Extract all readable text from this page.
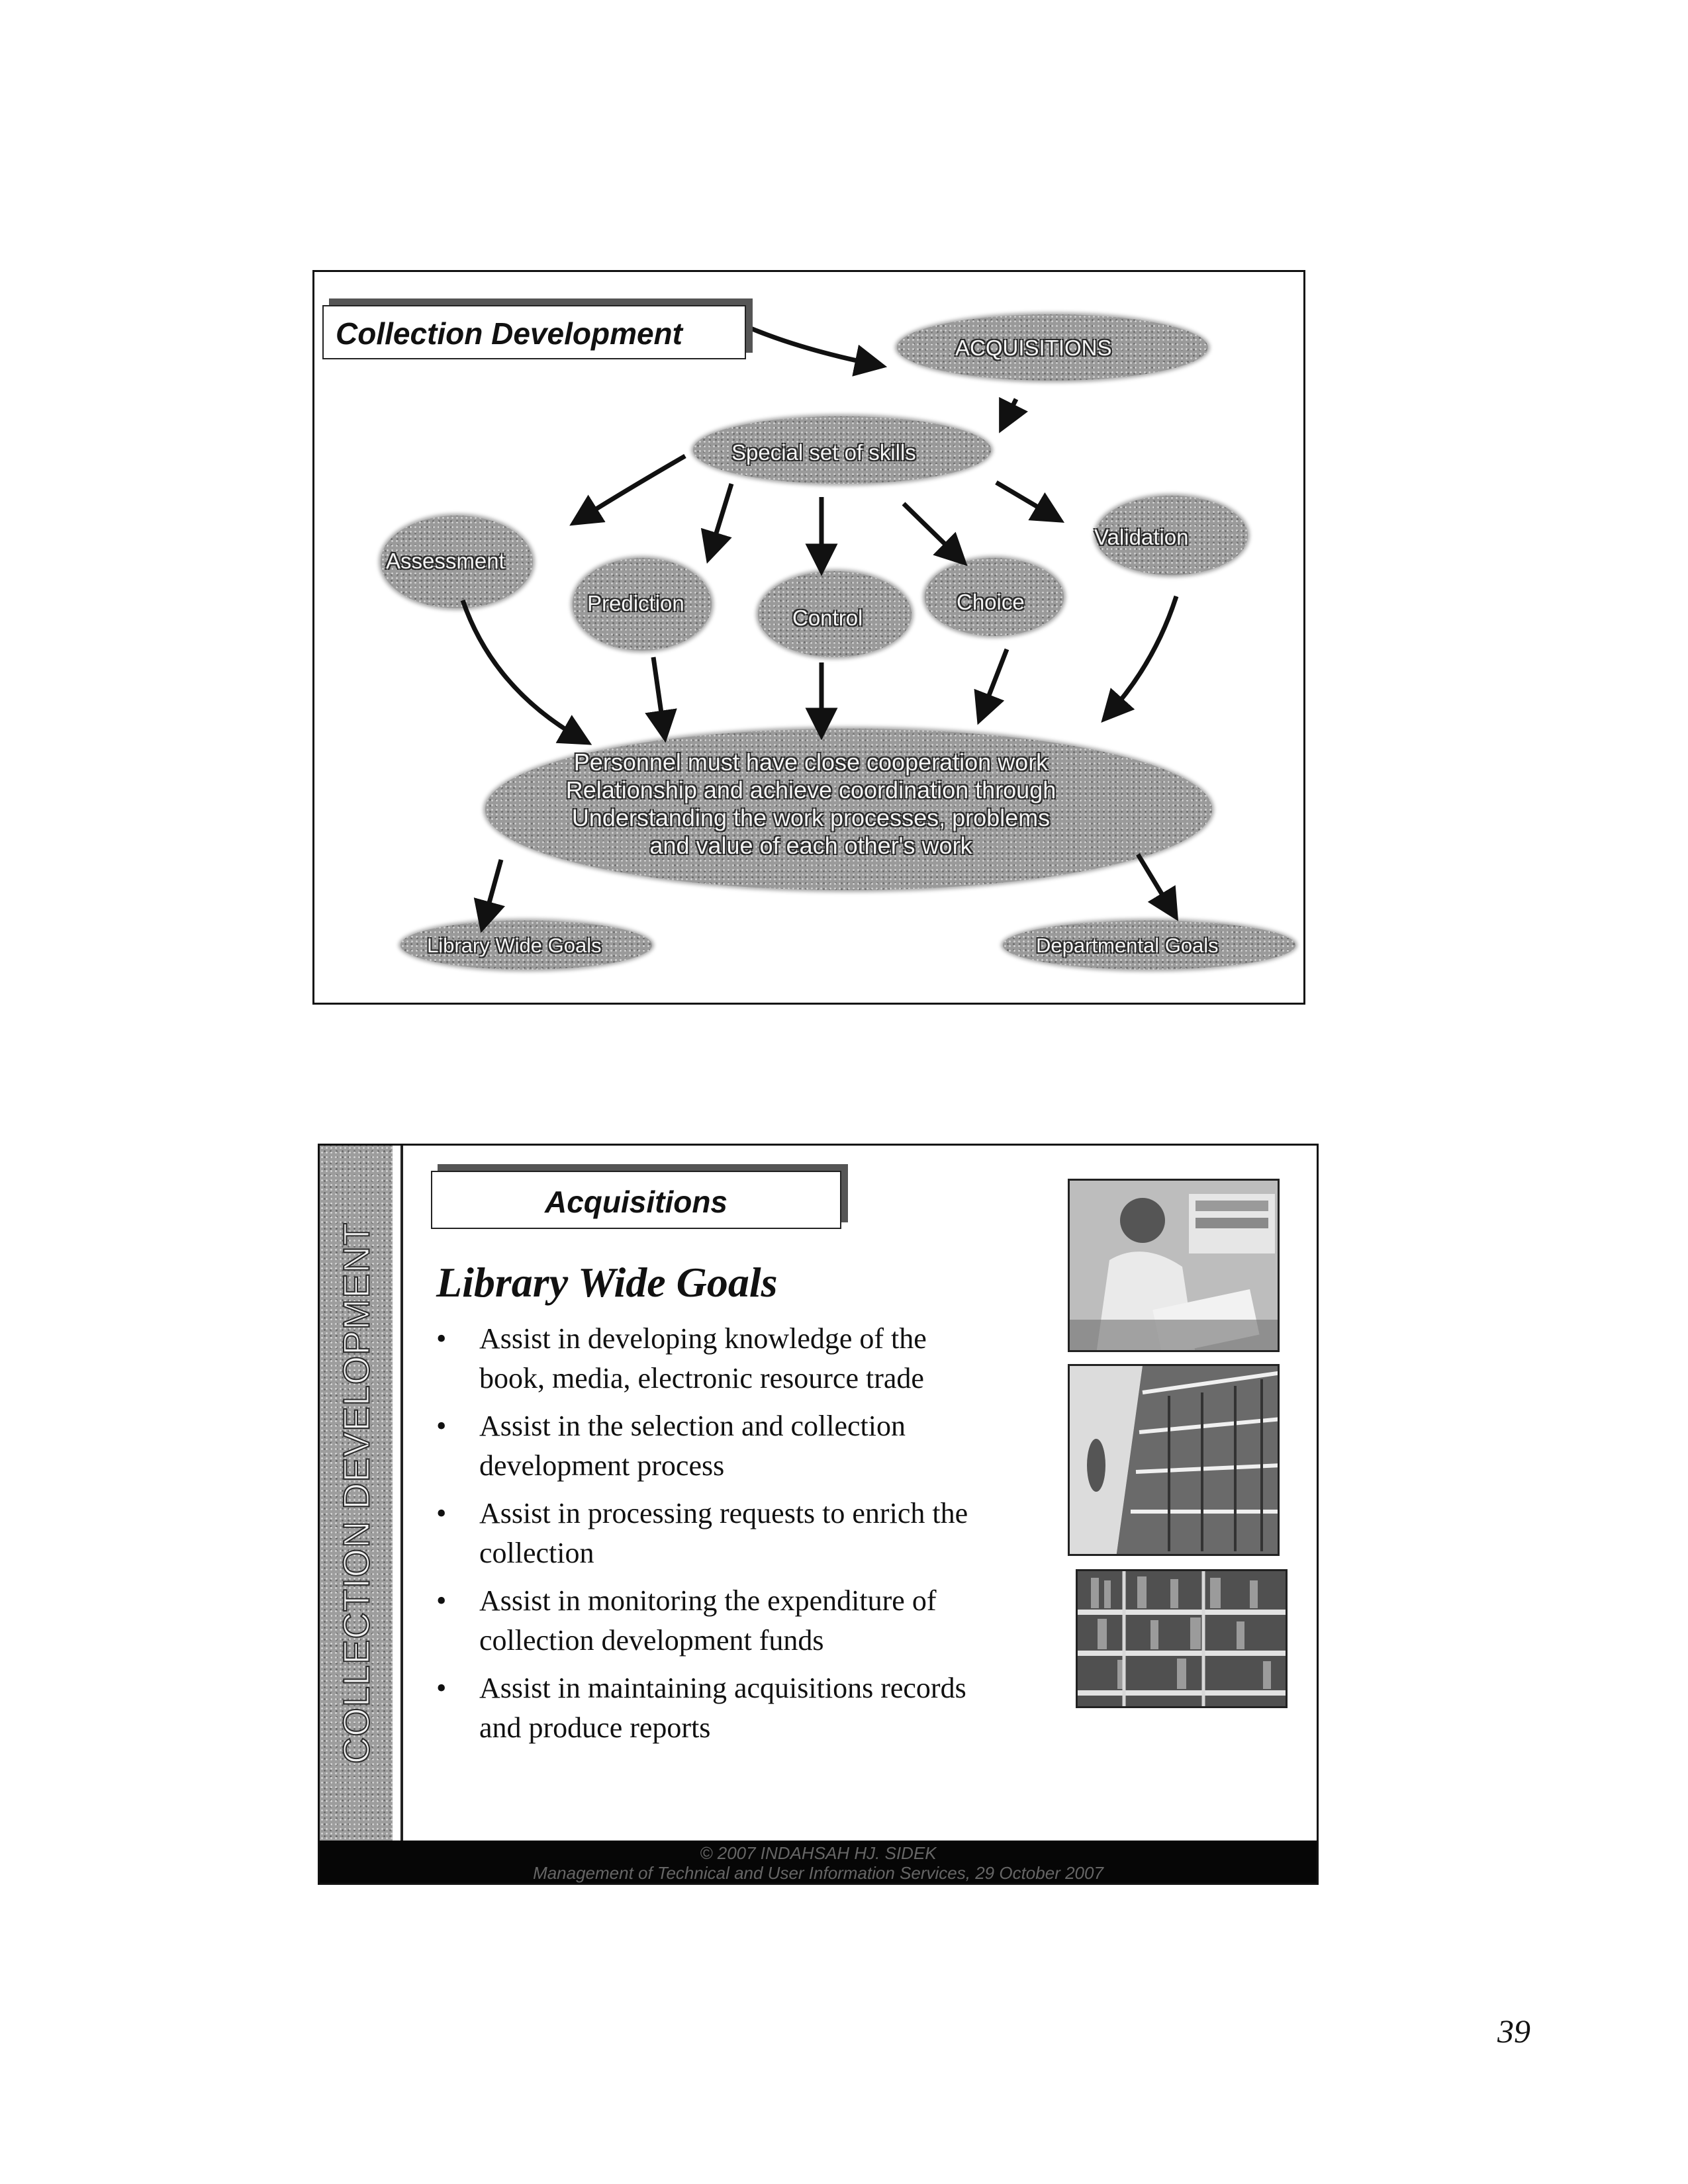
Collection Development	ACQUISITIONS
Special set of skills
Assessment
Validation
Prediction
Control
Choice
Library Wide Goals	Departmental Goals
Personnel must have close cooperation work
Relationship and achieve coordination through
Understanding the work processes, problems
and value of each other's work
COLLECTION DEVELOPMENT
Acquisitions
Library Wide Goals
• Assist in developing knowledge of the
book, media, electronic resource trade
• Assist in the selection and collection
development process
• Assist in processing requests to enrich the
collection
• Assist in monitoring the expenditure of
collection development funds
• Assist in maintaining acquisitions records
and produce reports
© 2007 INDAHSAH HJ. SIDEK
Management of Technical and User Information Services, 29 October 2007
39
